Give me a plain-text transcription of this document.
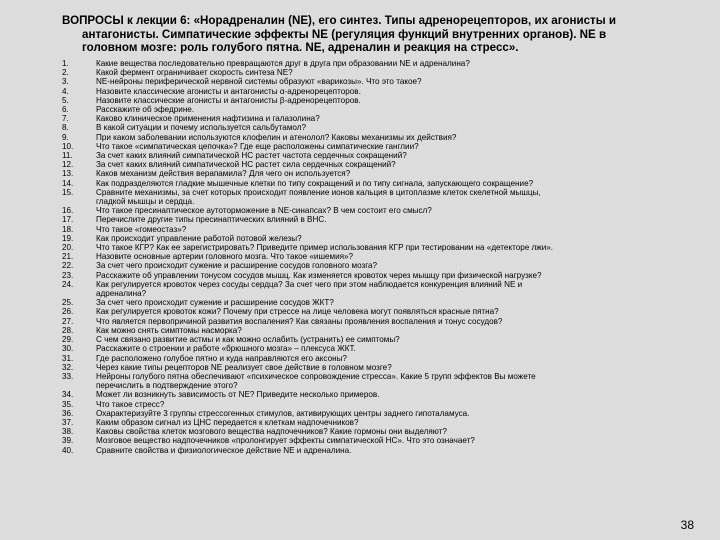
ВОПРОСЫ к лекции 6: «Норадреналин (NE), его синтез. Типы адренорецепторов, их агонисты и
антагонисты. Симпатические эффекты NE (регуляция функций внутренних органов). NE в
головном мозге: роль голубого пятна. NE, адреналин и реакция на стресс».
1.	Какие вещества последовательно превращаются друг в друга при образовании NE и адреналина?
2.	Какой фермент ограничивает скорость синтеза NE?
3.	NE-нейроны периферической нервной системы образуют «варикозы». Что это такое?
4.	Назовите классические агонисты и антагонисты α-адренорецепторов.
5.	Назовите классические агонисты и антагонисты β-адренорецепторов.
6.	Расскажите об эфедрине.
7.	Каково клиническое применения нафтизина и галазолина?
8.	В какой ситуации и почему используется сальбутамол?
9.	При каком заболевании используются клофелин и атенолол? Каковы механизмы их действия?
10.	Что такое «симпатическая цепочка»? Где еще расположены симпатические ганглии?
11.	За счет каких влияний симпатической НС растет частота сердечных сокращений?
12.	За счет каких влияний симпатической НС растет сила сердечных сокращений?
13.	Каков механизм действия верапамила? Для чего он используется?
14.	Как подразделяются гладкие мышечные клетки по типу сокращений и по типу сигнала, запускающего сокращение?
15.	Сравните механизмы, за счет которых происходит появление ионов кальция в цитоплазме клеток скелетной мышцы,
гладкой мышцы и сердца.
16.	Что такое пресинаптическое аутоторможение в NE-синапсах? В чем состоит его смысл?
17.	Перечислите другие типы пресинаптических влияний в ВНС.
18.	Что такое «гомеостаз»?
19.	Как происходит управление работой потовой железы?
20.	Что такое КГР? Как ее зарегистрировать? Приведите пример использования КГР при тестировании на «детекторе лжи».
21.	Назовите основные артерии головного мозга. Что такое «ишемия»?
22.	За счет чего происходит сужение и расширение сосудов головного мозга?
23.	Расскажите об управлении тонусом сосудов мышц. Как изменяется кровоток через мышцу при физической нагрузке?
24.	Как регулируется кровоток через сосуды сердца? За счет чего при этом наблюдается конкуренция влияний NE и
адреналина?
25.	За счет чего происходит сужение и расширение сосудов ЖКТ?
26.	Как регулируется кровоток кожи? Почему при стрессе на лице человека могут появляться красные пятна?
27.	Что является первопричиной развития воспаления? Как связаны проявления воспаления и тонус сосудов?
28.	Как можно снять симптомы насморка?
29.	С чем связано развитие астмы и как можно ослабить (устранить) ее симптомы?
30.	Расскажите о строении и работе «брюшного мозга» – плексуса ЖКТ.
31.	Где расположено голубое пятно и куда направляются его аксоны?
32.	Через какие типы рецепторов NE реализует свое действие в головном мозге?
33.	Нейроны голубого пятна обеспечивают «психическое сопровождение стресса». Какие 5 групп эффектов Вы можете
перечислить в подтверждение этого?
34.	Может ли возникнуть зависимость от NE? Приведите несколько примеров.
35.	Что такое стресс?
36.	Охарактеризуйте 3 группы стрессогенных стимулов, активирующих центры заднего гипоталамуса.
37.	Каким образом сигнал из ЦНС передается к клеткам надпочечников?
38.	Каковы свойства клеток мозгового вещества надпочечников? Какие гормоны они выделяют?
39.	Мозговое вещество надпочечников «пролонгирует эффекты симпатической НС». Что это означает?
40.	Сравните свойства и физиологическое действие NE и адреналина.
38
